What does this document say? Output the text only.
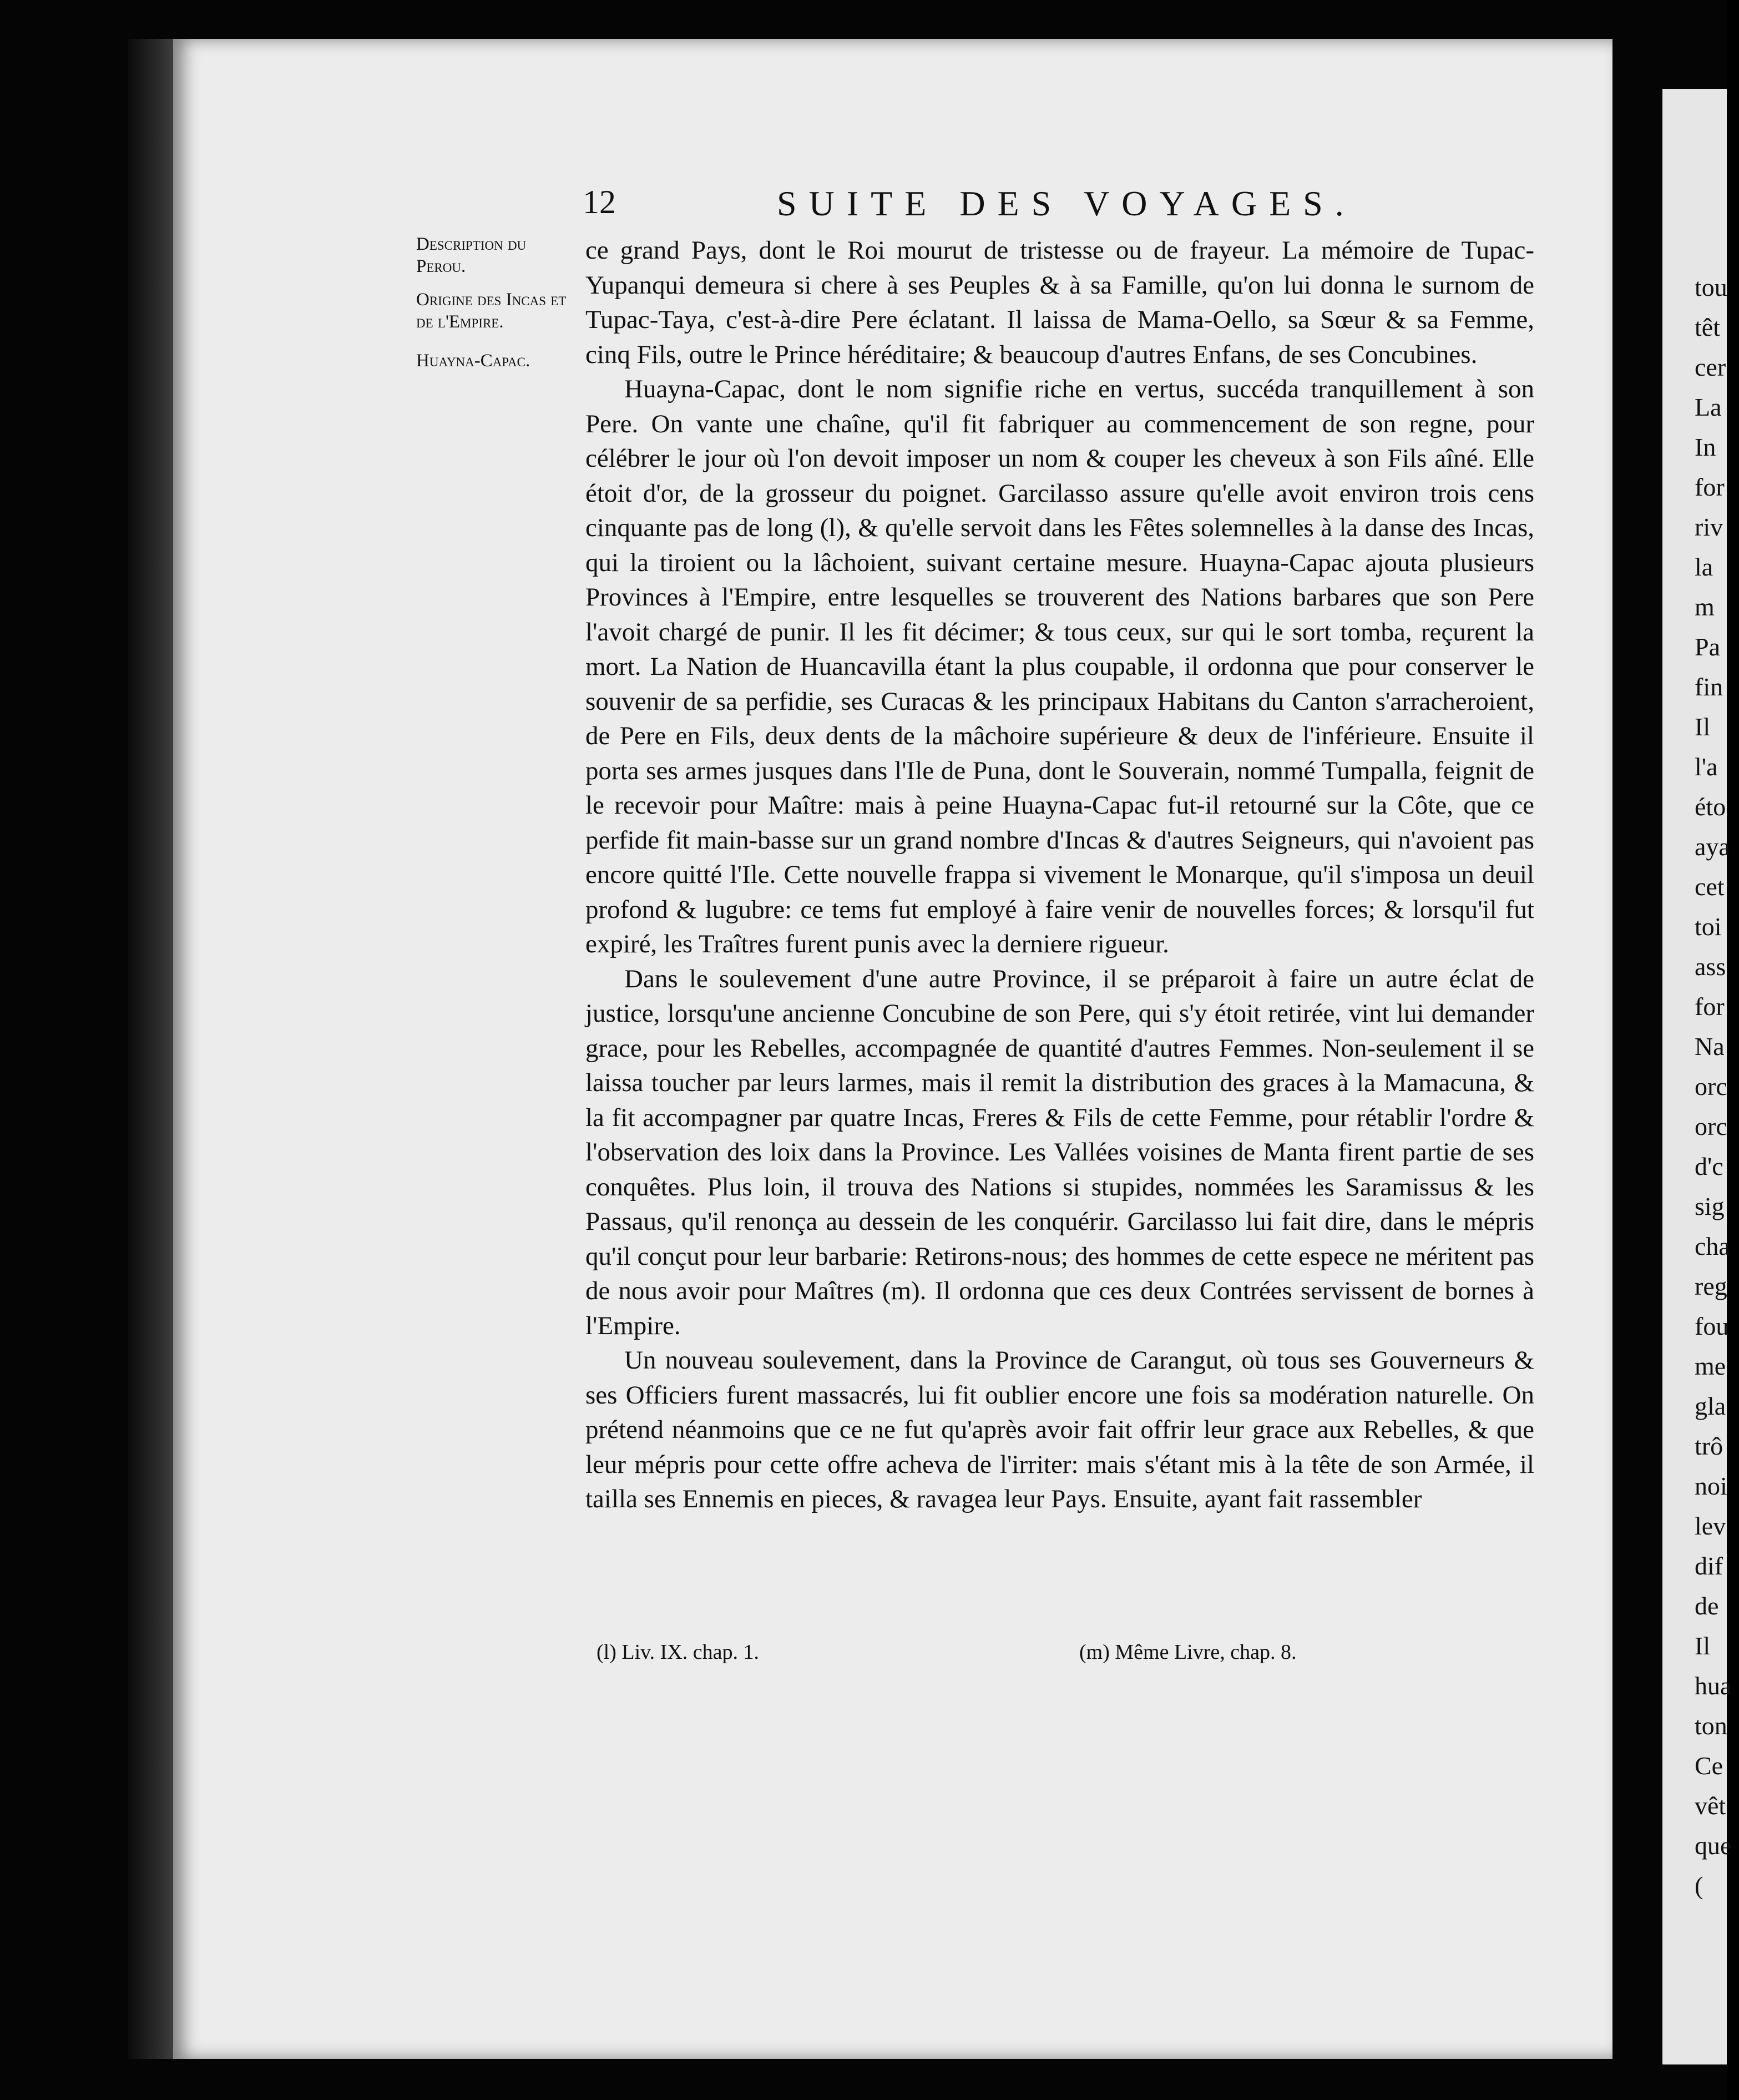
tou
têt
cer
La
In
for
riv
la
m
Pa
fin
Il
l'a
éto
aya
cet
toi
ass
for
Na
orc
orc
d'c
sig
cha
reg
fou
me
gla
trô
noi
lev
dif
de
Il
hua
ton
Ce
vêt
que
(
12	SUITE DES VOYAGES.
Description du Perou.
Origine des Incas et de l'Empire.
Huayna-Capac.

ce grand Pays, dont le Roi mourut de tristesse ou de frayeur. La mémoire de Tupac-Yupanqui demeura si chere à ses Peuples & à sa Famille, qu'on lui donna le surnom de Tupac-Taya, c'est-à-dire Pere éclatant. Il laissa de Mama-Oello, sa Sœur & sa Femme, cinq Fils, outre le Prince héréditaire; & beaucoup d'autres Enfans, de ses Concubines.

Huayna-Capac, dont le nom signifie riche en vertus, succéda tranquillement à son Pere. On vante une chaîne, qu'il fit fabriquer au commencement de son regne, pour célébrer le jour où l'on devoit imposer un nom & couper les cheveux à son Fils aîné. Elle étoit d'or, de la grosseur du poignet. Garcilasso assure qu'elle avoit environ trois cens cinquante pas de long (l), & qu'elle servoit dans les Fêtes solemnelles à la danse des Incas, qui la tiroient ou la lâchoient, suivant certaine mesure. Huayna-Capac ajouta plusieurs Provinces à l'Empire, entre lesquelles se trouverent des Nations barbares que son Pere l'avoit chargé de punir. Il les fit décimer; & tous ceux, sur qui le sort tomba, reçurent la mort. La Nation de Huancavilla étant la plus coupable, il ordonna que pour conserver le souvenir de sa perfidie, ses Curacas & les principaux Habitans du Canton s'arracheroient, de Pere en Fils, deux dents de la mâchoire supérieure & deux de l'inférieure. Ensuite il porta ses armes jusques dans l'Ile de Puna, dont le Souverain, nommé Tumpalla, feignit de le recevoir pour Maître: mais à peine Huayna-Capac fut-il retourné sur la Côte, que ce perfide fit main-basse sur un grand nombre d'Incas & d'autres Seigneurs, qui n'avoient pas encore quitté l'Ile. Cette nouvelle frappa si vivement le Monarque, qu'il s'imposa un deuil profond & lugubre: ce tems fut employé à faire venir de nouvelles forces; & lorsqu'il fut expiré, les Traîtres furent punis avec la derniere rigueur.

Dans le soulevement d'une autre Province, il se préparoit à faire un autre éclat de justice, lorsqu'une ancienne Concubine de son Pere, qui s'y étoit retirée, vint lui demander grace, pour les Rebelles, accompagnée de quantité d'autres Femmes. Non-seulement il se laissa toucher par leurs larmes, mais il remit la distribution des graces à la Mamacuna, & la fit accompagner par quatre Incas, Freres & Fils de cette Femme, pour rétablir l'ordre & l'observation des loix dans la Province. Les Vallées voisines de Manta firent partie de ses conquêtes. Plus loin, il trouva des Nations si stupides, nommées les Saramissus & les Passaus, qu'il renonça au dessein de les conquérir. Garcilasso lui fait dire, dans le mépris qu'il conçut pour leur barbarie: Retirons-nous; des hommes de cette espece ne méritent pas de nous avoir pour Maîtres (m). Il ordonna que ces deux Contrées servissent de bornes à l'Empire.

Un nouveau soulevement, dans la Province de Carangut, où tous ses Gouverneurs & ses Officiers furent massacrés, lui fit oublier encore une fois sa modération naturelle. On prétend néanmoins que ce ne fut qu'après avoir fait offrir leur grace aux Rebelles, & que leur mépris pour cette offre acheva de l'irriter: mais s'étant mis à la tête de son Armée, il tailla ses Ennemis en pieces, & ravagea leur Pays. Ensuite, ayant fait rassembler

(l) Liv. IX. chap. 1.	(m) Même Livre, chap. 8.
